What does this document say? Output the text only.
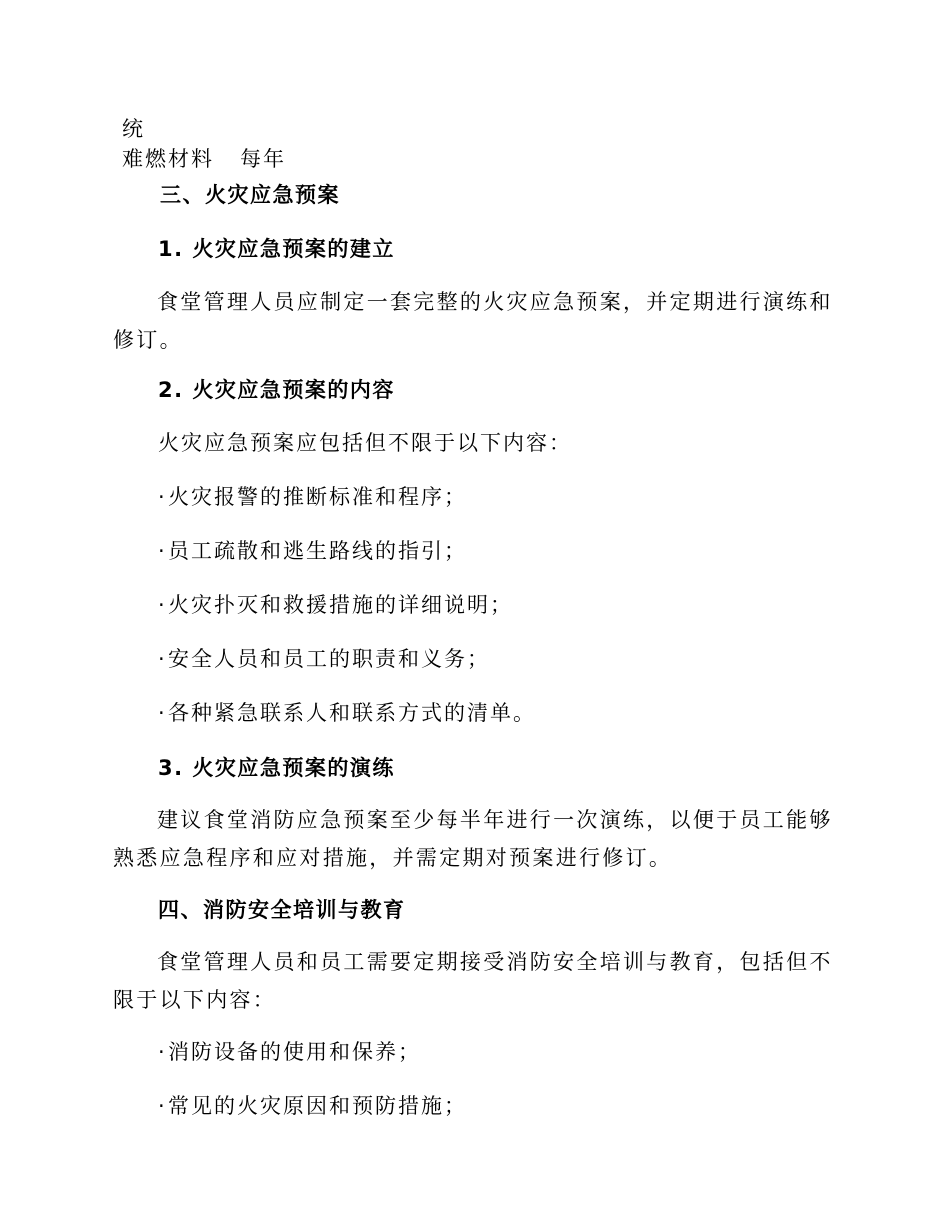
统
难燃材料 每年
三、火灾应急预案
1. 火灾应急预案的建立
食堂管理人员应制定一套完整的火灾应急预案，并定期进行演练和修订。
2. 火灾应急预案的内容
火灾应急预案应包括但不限于以下内容：
·火灾报警的推断标准和程序；
·员工疏散和逃生路线的指引；
·火灾扑灭和救援措施的详细说明；
·安全人员和员工的职责和义务；
·各种紧急联系人和联系方式的清单。
3. 火灾应急预案的演练
建议食堂消防应急预案至少每半年进行一次演练，以便于员工能够熟悉应急程序和应对措施，并需定期对预案进行修订。
四、消防安全培训与教育
食堂管理人员和员工需要定期接受消防安全培训与教育，包括但不限于以下内容：
·消防设备的使用和保养；
·常见的火灾原因和预防措施；
